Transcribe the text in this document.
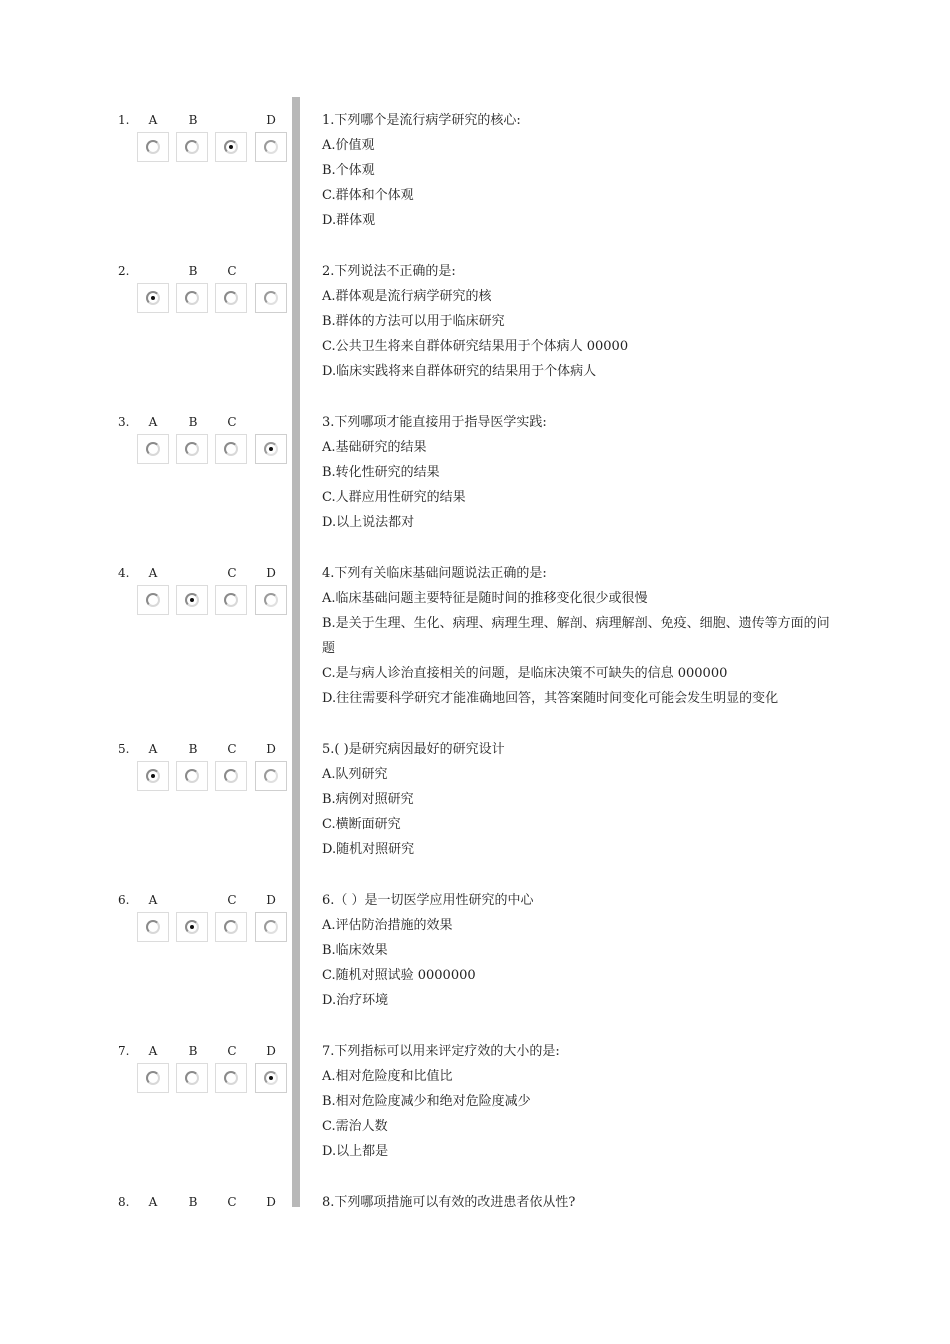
1. A	B	D	1.下列哪个是流行病学研究的核心:
A.价值观
B.个体观
C.群体和个体观
D.群体观
2.	B	C	2.下列说法不正确的是:
A.群体观是流行病学研究的核
B.群体的方法可以用于临床研究
C.公共卫生将来自群体研究结果用于个体病人 00000
D.临床实践将来自群体研究的结果用于个体病人
3. A	B	C	3.下列哪项才能直接用于指导医学实践:
A.基础研究的结果
B.转化性研究的结果
C.人群应用性研究的结果
D.以上说法都对
4. A	C D	4.下列有关临床基础问题说法正确的是:
A.临床基础问题主要特征是随时间的推移变化很少或很慢
B.是关于生理、生化、病理、病理生理、解剖、病理解剖、免疫、细胞、遗传等方面的问题
C.是与病人诊治直接相关的问题，是临床决策不可缺失的信息 000000
D.往往需要科学研究才能准确地回答，其答案随时间变化可能会发生明显的变化
5. A	B	C D	5.( )是研究病因最好的研究设计
A.队列研究
B.病例对照研究
C.横断面研究
D.随机对照研究
6. A	C D	6.（ ）是一切医学应用性研究的中心
A.评估防治措施的效果
B.临床效果
C.随机对照试验 0000000
D.治疗环境
7. A	B	C D	7.下列指标可以用来评定疗效的大小的是:
A.相对危险度和比值比
B.相对危险度减少和绝对危险度减少
C.需治人数
D.以上都是
8. A	B	C D	8.下列哪项措施可以有效的改进患者依从性?
